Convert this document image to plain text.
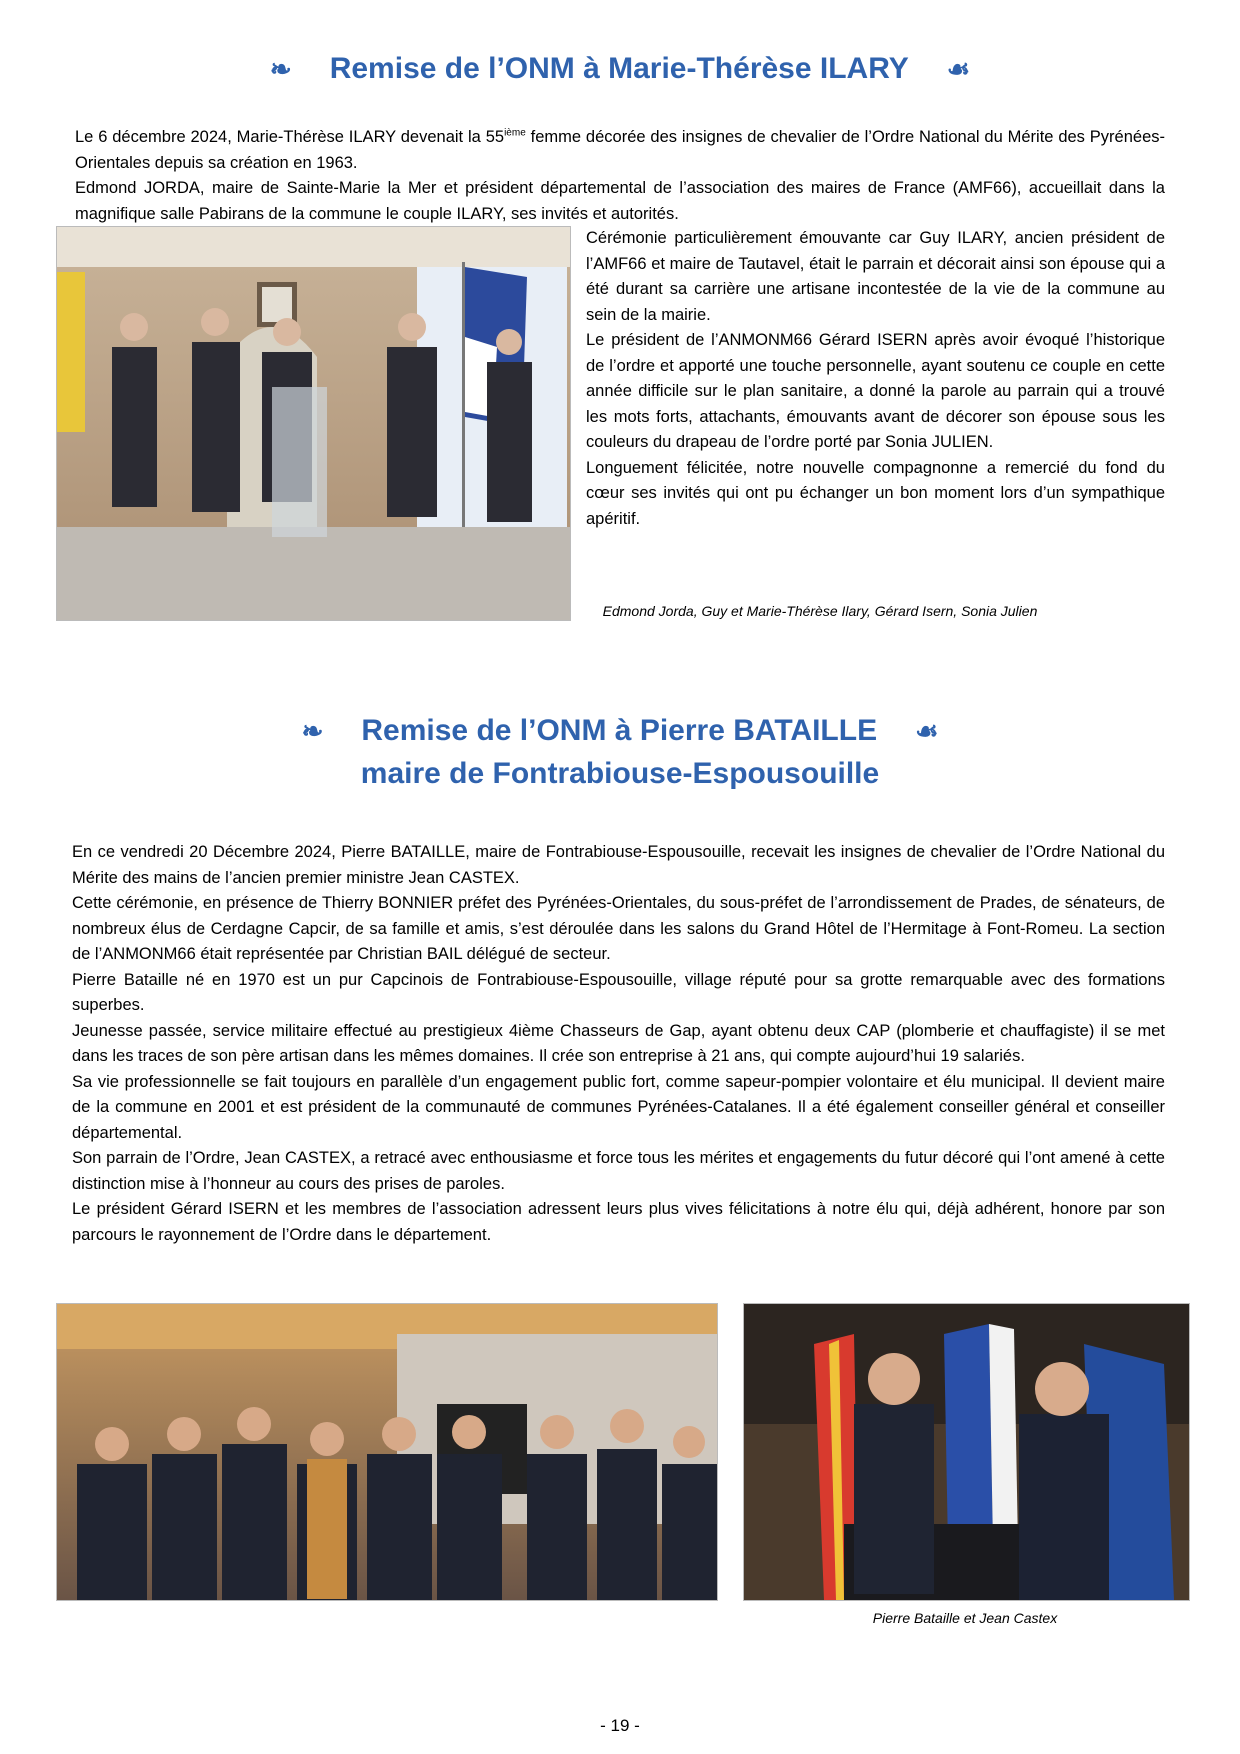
❧ Remise de l’ONM à Marie-Thérèse ILARY ☙

Le 6 décembre 2024, Marie-Thérèse ILARY devenait la 55ième femme décorée des insignes de chevalier de l’Ordre National du Mérite des Pyrénées-Orientales depuis sa création en 1963.

Edmond JORDA, maire de Sainte-Marie la Mer et président départemental de l’association des maires de France (AMF66), accueillait dans la magnifique salle Pabirans de la commune le couple ILARY, ses invités et autorités.

Cérémonie particulièrement émouvante car Guy ILARY, ancien président de l’AMF66 et maire de Tautavel, était le parrain et décorait ainsi son épouse qui a été durant sa carrière une artisane incontestée de la vie de la commune au sein de la mairie.

Le président de l’ANMONM66 Gérard ISERN après avoir évoqué l’historique de l’ordre et apporté une touche personnelle, ayant soutenu ce couple en cette année difficile sur le plan sanitaire, a donné la parole au parrain qui a trouvé les mots forts, attachants, émouvants avant de décorer son épouse sous les couleurs du drapeau de l’ordre porté par Sonia JULIEN.

Longuement félicitée, notre nouvelle compagnonne a remercié du fond du cœur ses invités qui ont pu échanger un bon moment lors d’un sympathique apéritif.

Edmond Jorda, Guy et Marie-Thérèse Ilary, Gérard Isern, Sonia Julien
❧ Remise de l’ONM à Pierre BATAILLE ☙
maire de Fontrabiouse-Espousouille

En ce vendredi 20 Décembre 2024, Pierre BATAILLE, maire de Fontrabiouse-Espousouille, recevait les insignes de chevalier de l’Ordre National du Mérite des mains de l’ancien premier ministre Jean CASTEX.

Cette cérémonie, en présence de Thierry BONNIER préfet des Pyrénées-Orientales, du sous-préfet de l’arrondissement de Prades, de sénateurs, de nombreux élus de Cerdagne Capcir, de sa famille et amis, s’est déroulée dans les salons du Grand Hôtel de l’Hermitage à Font-Romeu. La section de l’ANMONM66 était représentée par Christian BAIL délégué de secteur.

Pierre Bataille né en 1970 est un pur Capcinois de Fontrabiouse-Espousouille, village réputé pour sa grotte remarquable avec des formations superbes.

Jeunesse passée, service militaire effectué au prestigieux 4ième Chasseurs de Gap, ayant obtenu deux CAP (plomberie et chauffagiste) il se met dans les traces de son père artisan dans les mêmes domaines. Il crée son entreprise à 21 ans, qui compte aujourd’hui 19 salariés.

Sa vie professionnelle se fait toujours en parallèle d’un engagement public fort, comme sapeur-pompier volontaire et élu municipal. Il devient maire de la commune en 2001 et est président de la communauté de communes Pyrénées-Catalanes. Il a été également conseiller général et conseiller départemental.

Son parrain de l’Ordre, Jean CASTEX, a retracé avec enthousiasme et force tous les mérites et engagements du futur décoré qui l’ont amené à cette distinction mise à l’honneur au cours des prises de paroles.

Le président Gérard ISERN et les membres de l’association adressent leurs plus vives félicitations à notre élu qui, déjà adhérent, honore par son parcours le rayonnement de l’Ordre dans le département.

Pierre Bataille et Jean Castex
- 19 -
